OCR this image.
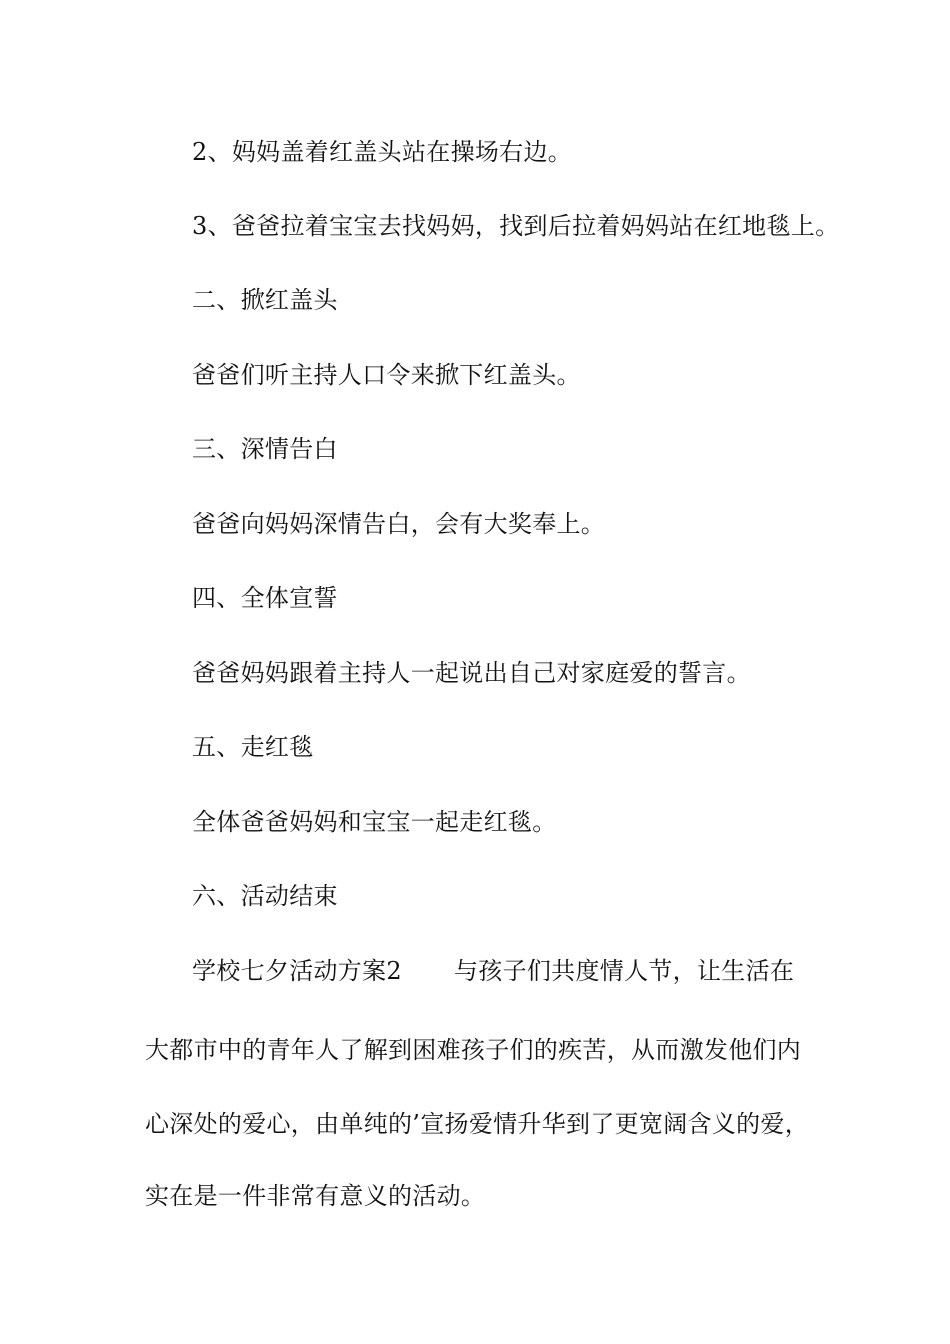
2、妈妈盖着红盖头站在操场右边。

3、爸爸拉着宝宝去找妈妈，找到后拉着妈妈站在红地毯上。

二、掀红盖头

爸爸们听主持人口令来掀下红盖头。

三、深情告白

爸爸向妈妈深情告白，会有大奖奉上。

四、全体宣誓

爸爸妈妈跟着主持人一起说出自己对家庭爱的誓言。

五、走红毯

全体爸爸妈妈和宝宝一起走红毯。

六、活动结束

学校七夕活动方案2 与孩子们共度情人节，让生活在

大都市中的青年人了解到困难孩子们的疾苦，从而激发他们内

心深处的爱心，由单纯的’宣扬爱情升华到了更宽阔含义的爱，

实在是一件非常有意义的活动。
